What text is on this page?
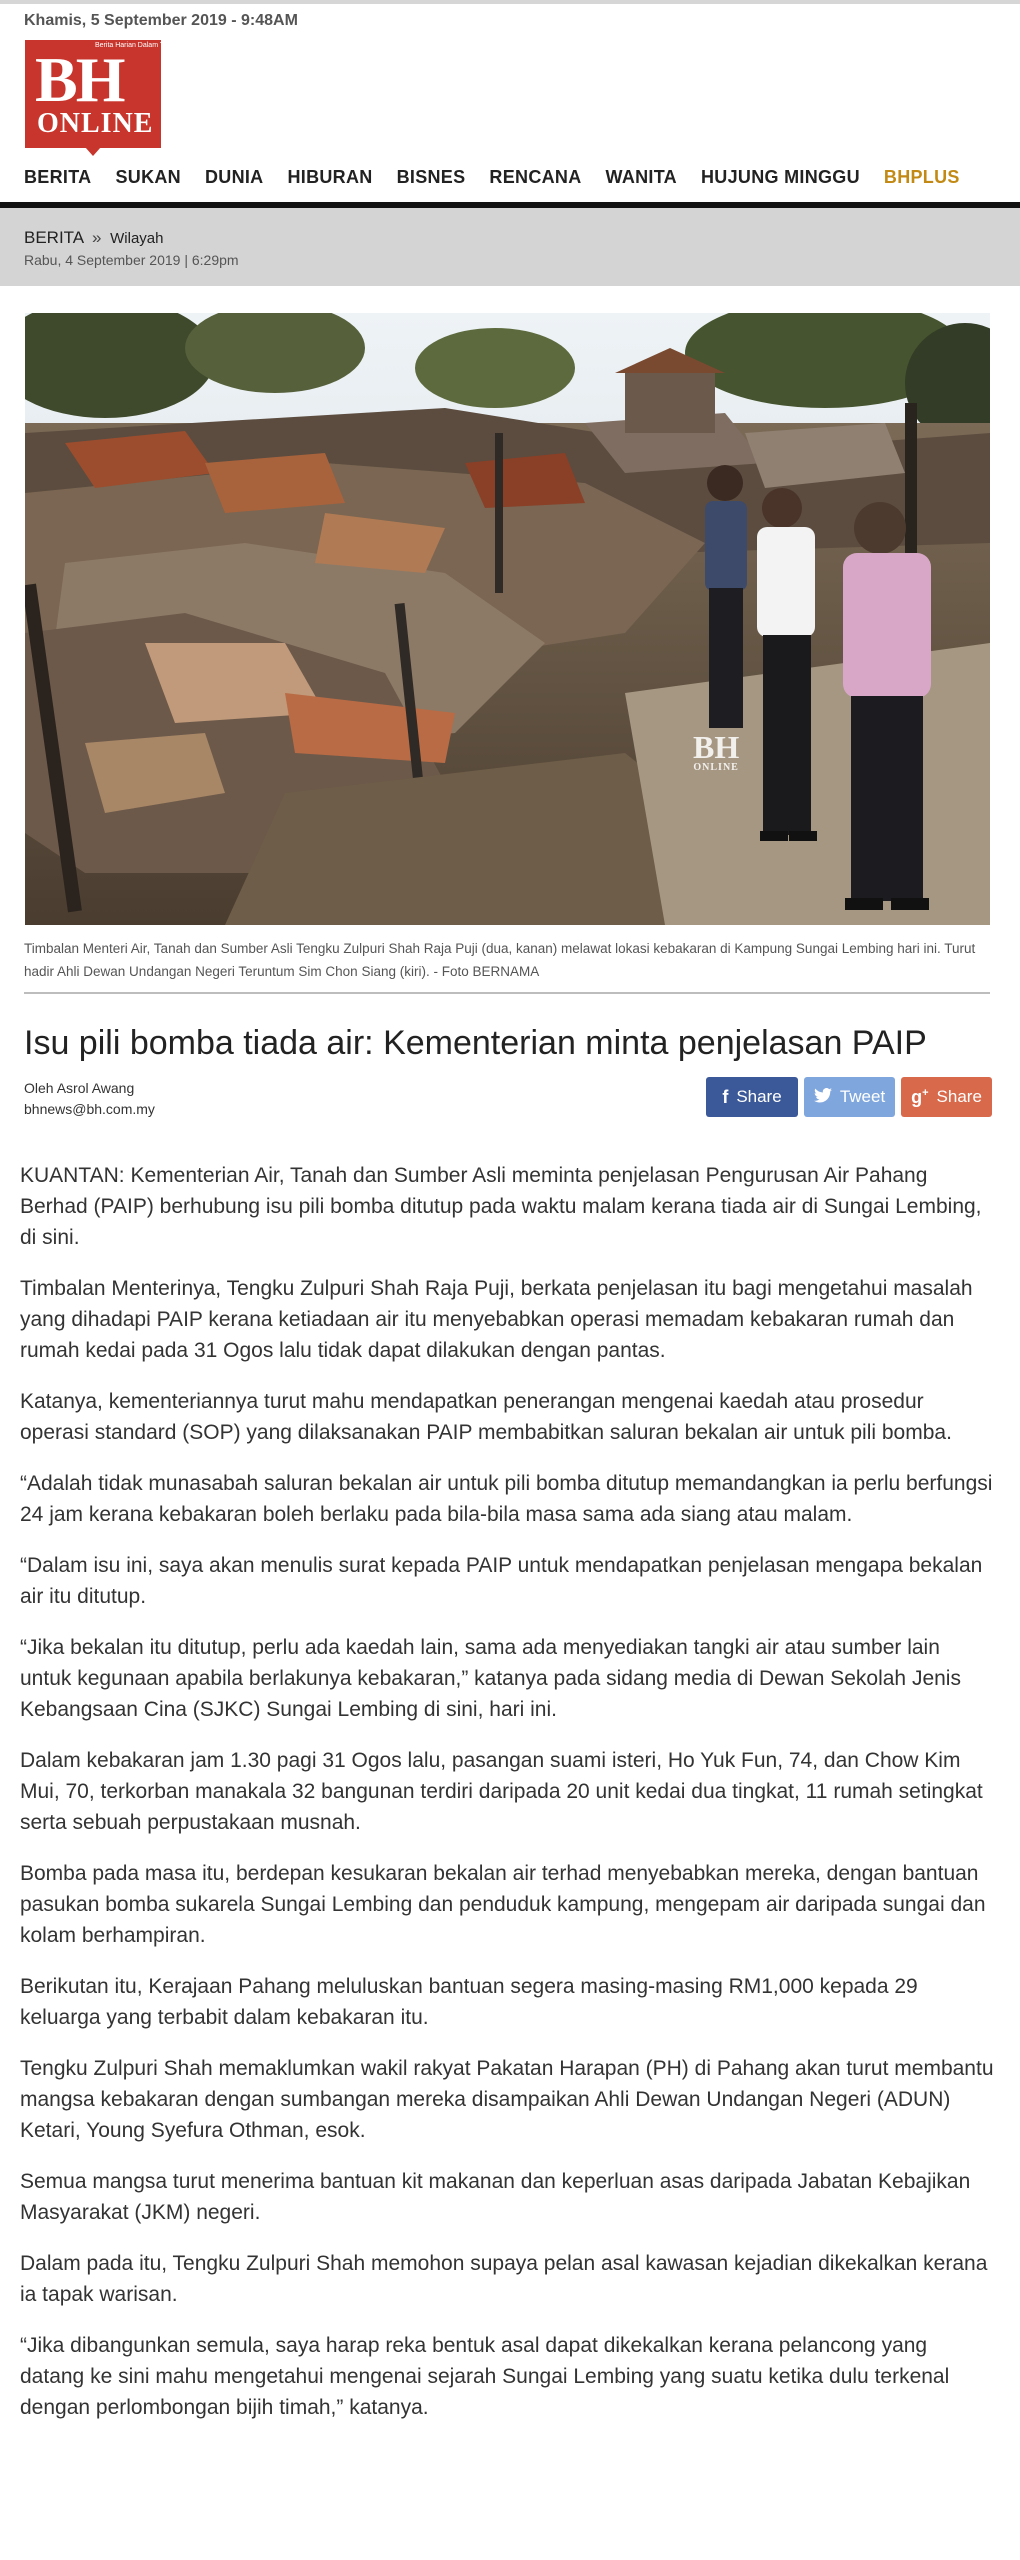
Khamis, 5 September 2019 - 9:48AM
Berita Harian Dalam Talian
BH
ONLINE
BERITA SUKAN DUNIA HIBURAN BISNES RENCANA WANITA HUJUNG MINGGU BHPLUS
BERITA » Wilayah
Rabu, 4 September 2019 | 6:29pm
BH
ONLINE
Timbalan Menteri Air, Tanah dan Sumber Asli Tengku Zulpuri Shah Raja Puji (dua, kanan) melawat lokasi kebakaran di Kampung Sungai Lembing hari ini. Turut hadir Ahli Dewan Undangan Negeri Teruntum Sim Chon Siang (kiri). - Foto BERNAMA
Isu pili bomba tiada air: Kementerian minta penjelasan PAIP
Oleh Asrol Awang
bhnews@bh.com.my
f Share	Tweet g+ Share

KUANTAN: Kementerian Air, Tanah dan Sumber Asli meminta penjelasan Pengurusan Air Pahang Berhad (PAIP) berhubung isu pili bomba ditutup pada waktu malam kerana tiada air di Sungai Lembing, di sini.

Timbalan Menterinya, Tengku Zulpuri Shah Raja Puji, berkata penjelasan itu bagi mengetahui masalah yang dihadapi PAIP kerana ketiadaan air itu menyebabkan operasi memadam kebakaran rumah dan rumah kedai pada 31 Ogos lalu tidak dapat dilakukan dengan pantas.

Katanya, kementeriannya turut mahu mendapatkan penerangan mengenai kaedah atau prosedur operasi standard (SOP) yang dilaksanakan PAIP membabitkan saluran bekalan air untuk pili bomba.

“Adalah tidak munasabah saluran bekalan air untuk pili bomba ditutup memandangkan ia perlu berfungsi 24 jam kerana kebakaran boleh berlaku pada bila-bila masa sama ada siang atau malam.

“Dalam isu ini, saya akan menulis surat kepada PAIP untuk mendapatkan penjelasan mengapa bekalan air itu ditutup.

“Jika bekalan itu ditutup, perlu ada kaedah lain, sama ada menyediakan tangki air atau sumber lain untuk kegunaan apabila berlakunya kebakaran,” katanya pada sidang media di Dewan Sekolah Jenis Kebangsaan Cina (SJKC) Sungai Lembing di sini, hari ini.

Dalam kebakaran jam 1.30 pagi 31 Ogos lalu, pasangan suami isteri, Ho Yuk Fun, 74, dan Chow Kim Mui, 70, terkorban manakala 32 bangunan terdiri daripada 20 unit kedai dua tingkat, 11 rumah setingkat serta sebuah perpustakaan musnah.

Bomba pada masa itu, berdepan kesukaran bekalan air terhad menyebabkan mereka, dengan bantuan pasukan bomba sukarela Sungai Lembing dan penduduk kampung, mengepam air daripada sungai dan kolam berhampiran.

Berikutan itu, Kerajaan Pahang meluluskan bantuan segera masing-masing RM1,000 kepada 29 keluarga yang terbabit dalam kebakaran itu.

Tengku Zulpuri Shah memaklumkan wakil rakyat Pakatan Harapan (PH) di Pahang akan turut membantu mangsa kebakaran dengan sumbangan mereka disampaikan Ahli Dewan Undangan Negeri (ADUN) Ketari, Young Syefura Othman, esok.

Semua mangsa turut menerima bantuan kit makanan dan keperluan asas daripada Jabatan Kebajikan Masyarakat (JKM) negeri.

Dalam pada itu, Tengku Zulpuri Shah memohon supaya pelan asal kawasan kejadian dikekalkan kerana ia tapak warisan.

“Jika dibangunkan semula, saya harap reka bentuk asal dapat dikekalkan kerana pelancong yang datang ke sini mahu mengetahui mengenai sejarah Sungai Lembing yang suatu ketika dulu terkenal dengan perlombongan bijih timah,” katanya.
